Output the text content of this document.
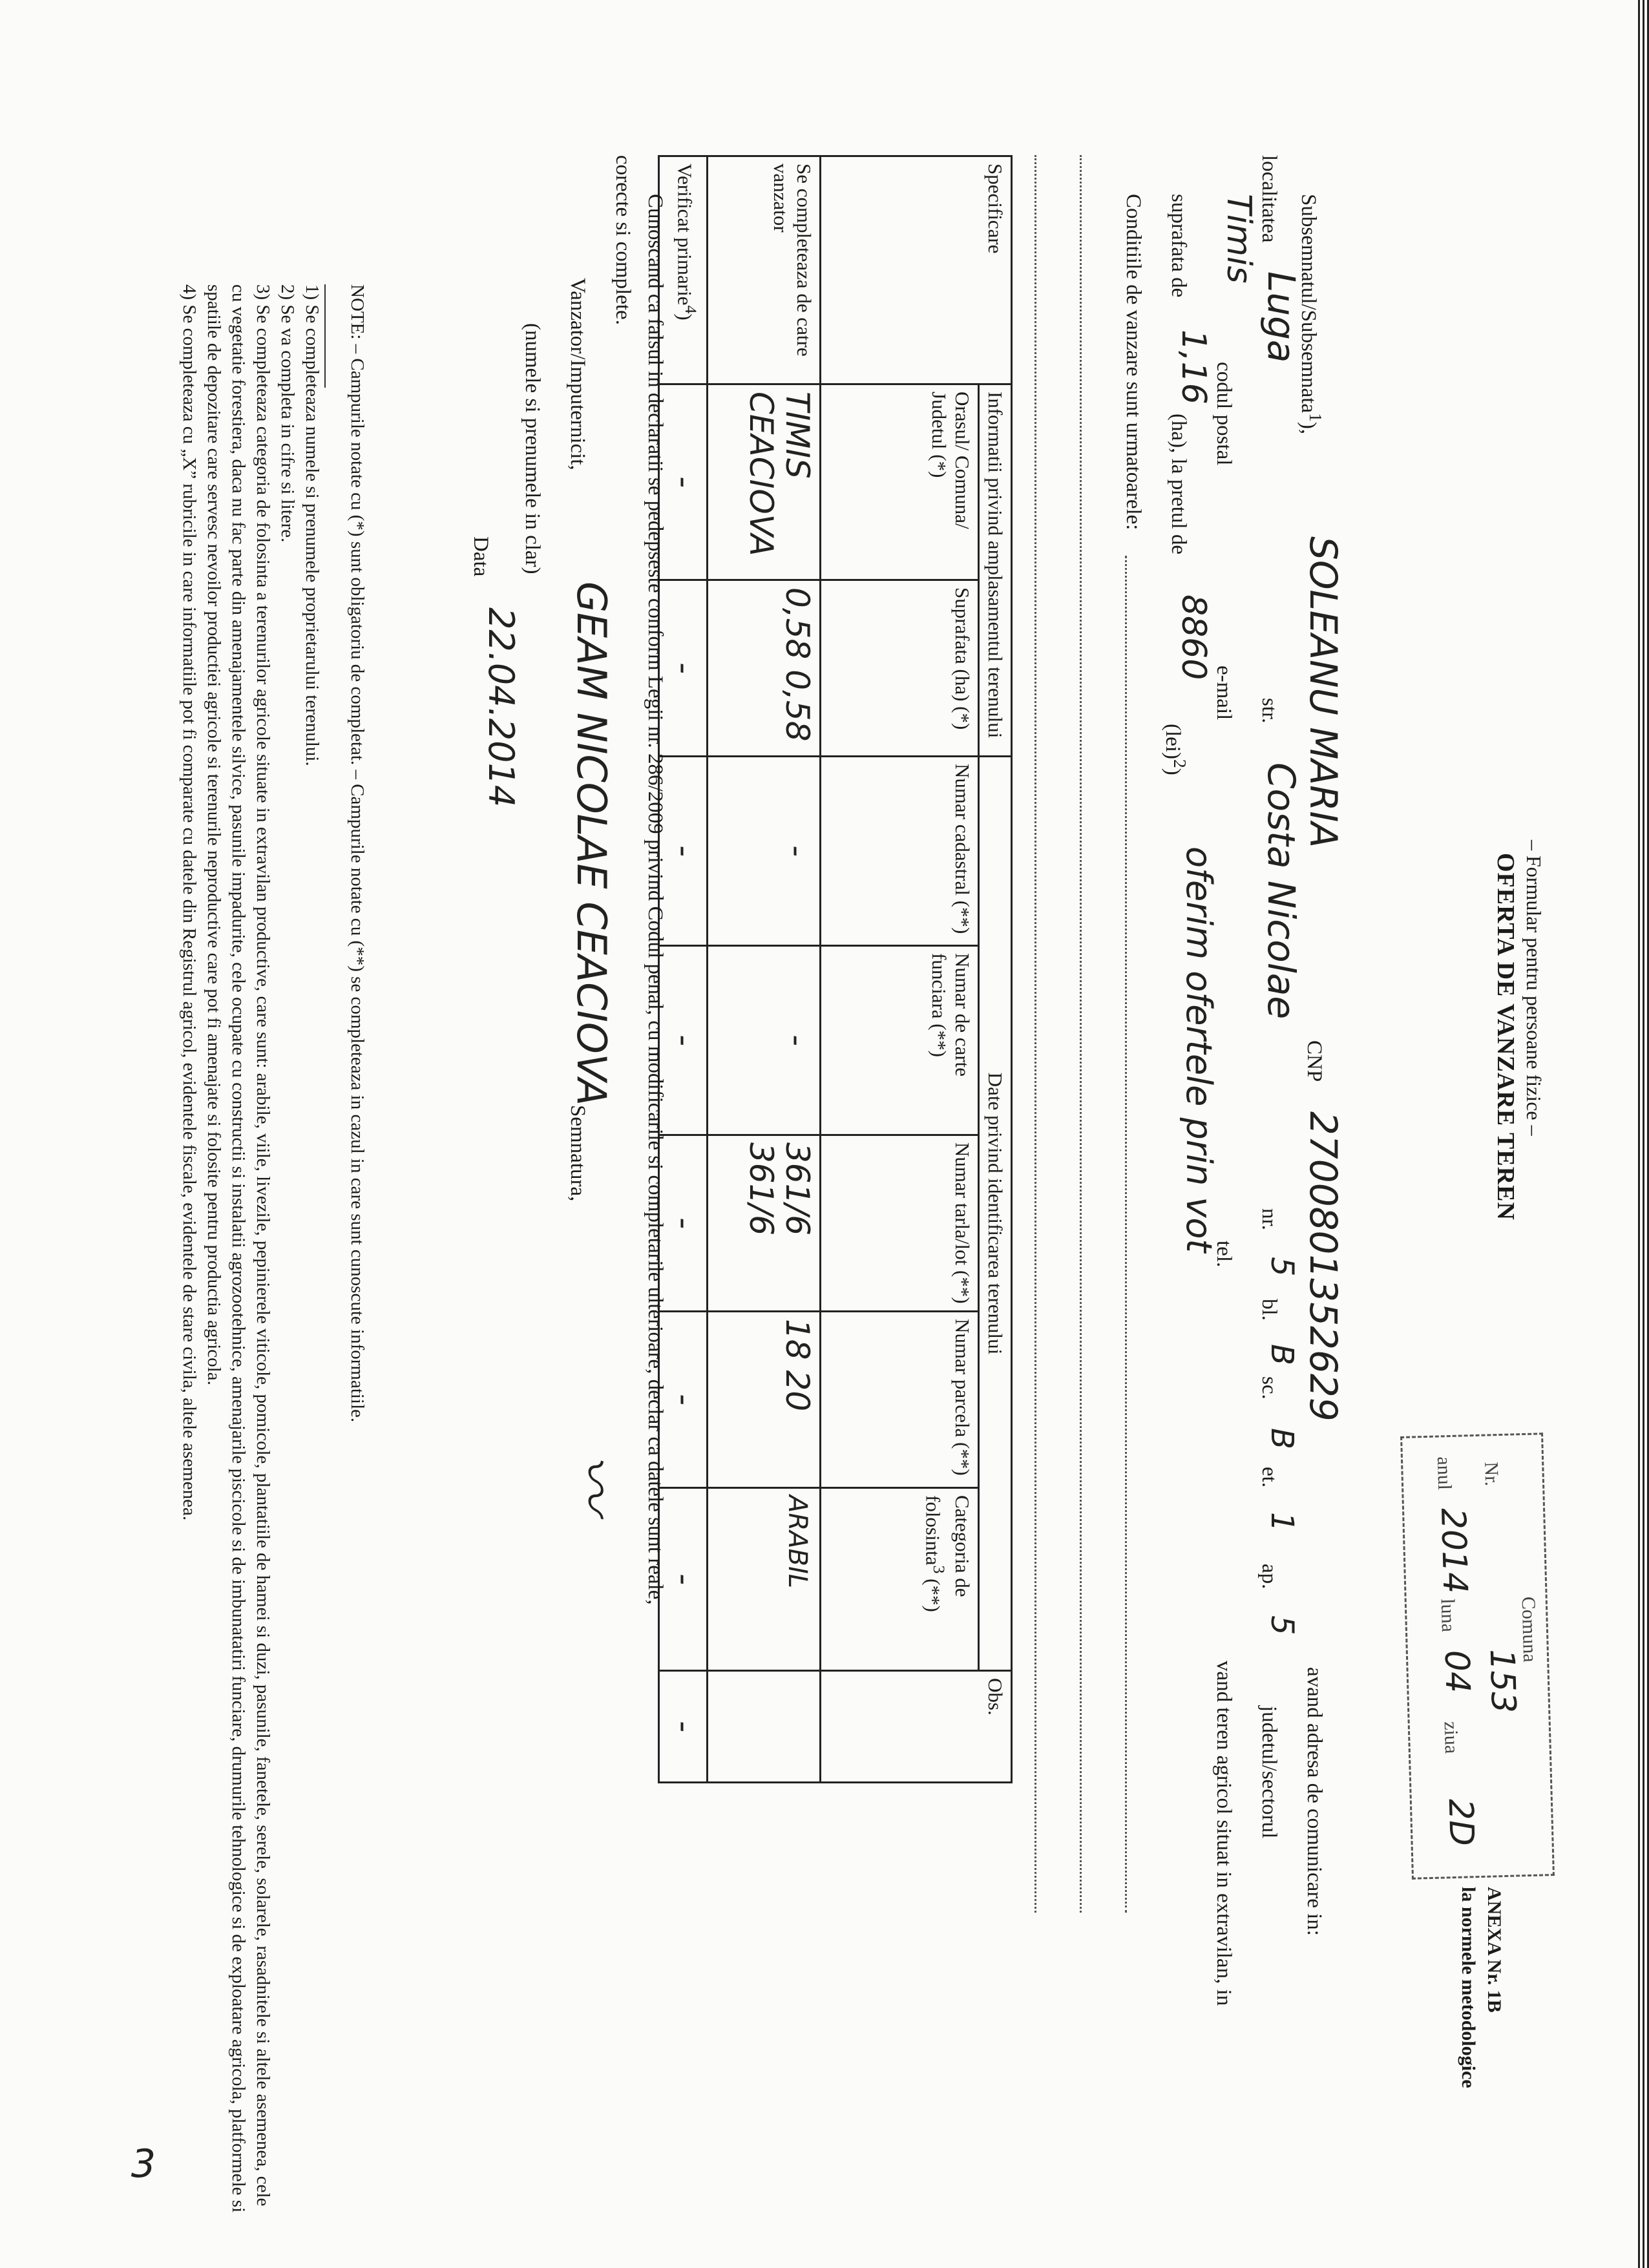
3
ANEXA Nr. 1B
la normele metodologice
Comuna
Nr.
153
anul
2014
luna
04
ziua
2D
– Formular pentru persoane fizice –
OFERTA DE VANZARE TEREN
Subsemnatul/Subsemnata$^1$),
SOLEANU MARIA
CNP
2700801352629
avand adresa de comunicare in:
localitatea
Luga
str.
Costa Nicolae
nr.
5
bl.
B
sc.
B
et.
1
ap.
5
judetul/sectorul
Timis
codul postal
e-mail
tel.
vand teren agricol situat in extravilan, in
suprafata de
1,16
(ha), la pretul de
8860
(lei)$^2$)
oferim ofertele prin vot
Conditiile de vanzare sunt urmatoarele:
Specificare	Informatii privind amplasamentul terenului		Date privind identificarea terenului					Obs.
	Orasul/ Comuna/ Judetul (*)	Suprafata (ha) (*)	Numar cadastral (**)	Numar de carte funciara (**)	Numar tarla/lot (**)	Numar parcela (**)	Categoria de folosinta$^3$ (**)	
Se completeaza de catre vanzator	TIMIS CEACIOVA	0,58 0,58	-	-	361/6 361/6	18 20	ARABIL	
Verificat primarie$^4$)	-	-	-	-	-	-	-	-
Cunoscand ca falsul in declaratii se pedepseste conform Legii nr. 286/2009 privind Codul penal, cu modificarile si completarile ulterioare, declar ca datele sunt reale,
corecte si complete.
Vanzator/Imputernicit,
GEAM NICOLAE CEACIOVA
Semnatura,
〰
(numele si prenumele in clar)
Data
22.04.2014

NOTE: – Campurile notate cu (*) sunt obligatoriu de completat. – Campurile notate cu (**) se completeaza in cazul in care sunt cunoscute informatiile.

1) Se completeaza numele si prenumele proprietarului terenului.

2) Se va completa in cifre si litere.

3) Se completeaza categoria de folosinta a terenurilor agricole situate in extravilan productive, care sunt: arabile, viile, livezile, pepinierele viticole, pomicole, plantatiile de hamei si duzi, pasunile, fanetele, serele, solarele, rasadnitele si altele asemenea, cele cu vegetatie forestiera, daca nu fac parte din amenajamentele silvice, pasunile impadurite, cele ocupate cu constructii si instalatii agrozootehnice, amenajarile piscicole si de imbunatatiri funciare, drumurile tehnologice si de exploatare agricola, platformele si spatiile de depozitare care servesc nevoilor productiei agricole si terenurile neproductive care pot fi amenajate si folosite pentru productia agricola.

4) Se completeaza cu „X” rubricile in care informatiile pot fi comparate cu datele din Registrul agricol, evidentele fiscale, evidentele de stare civila, altele asemenea.
